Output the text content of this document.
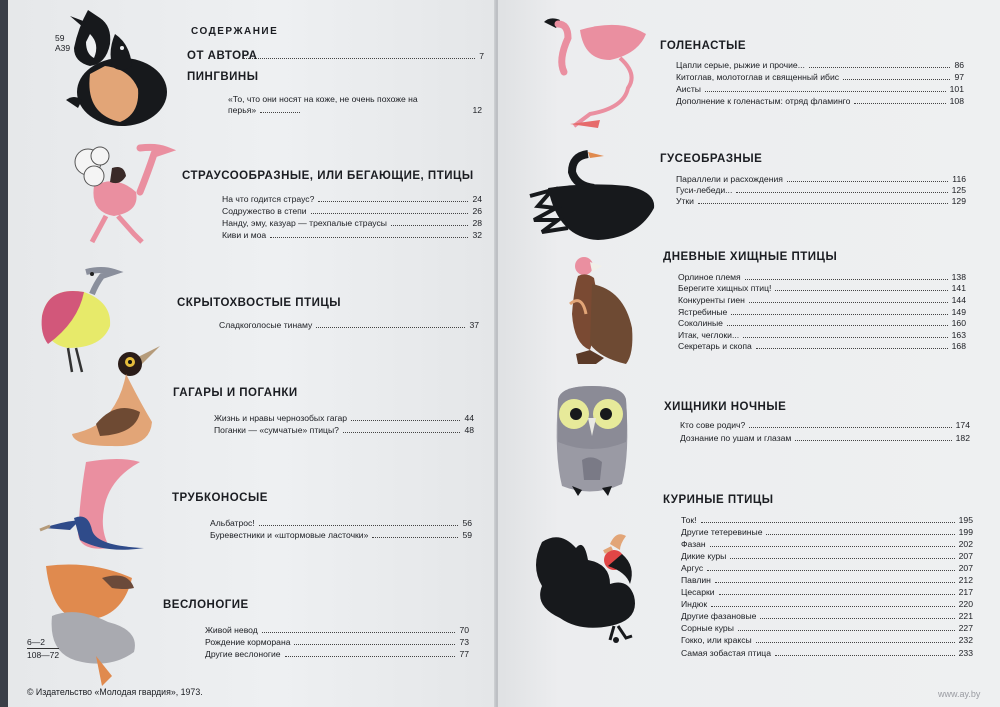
59
А39
СОДЕРЖАНИЕ
ОТ АВТОРА	7
ПИНГВИНЫ
«То, что они носят на коже, не очень похоже на
перья»	12
СТРАУСООБРАЗНЫЕ, ИЛИ БЕГАЮЩИЕ, ПТИЦЫ
На что годится страус?	24
Содружество в степи	26
Нанду, эму, казуар — трехпалые страусы	28
Киви и моа	32
СКРЫТОХВОСТЫЕ ПТИЦЫ
Сладкоголосые тинаму	37
ГАГАРЫ И ПОГАНКИ
Жизнь и нравы чернозобых гагар	44
Поганки — «сумчатые» птицы?	48
ТРУБКОНОСЫЕ
Альбатрос!	56
Буревестники и «штормовые ласточки»	59
ВЕСЛОНОГИЕ
Живой невод	70
Рождение корморана	73
Другие веслоногие	77
6—2
108—72
© Издательство «Молодая гвардия», 1973.
ГОЛЕНАСТЫЕ
Цапли серые, рыжие и прочие...	86
Китоглав, молотоглав и священный ибис	97
Аисты	101
Дополнение к голенастым: отряд фламинго	108
ГУСЕОБРАЗНЫЕ
Параллели и расхождения	116
Гуси-лебеди...	125
Утки	129
ДНЕВНЫЕ ХИЩНЫЕ ПТИЦЫ
Орлиное племя	138
Берегите хищных птиц!	141
Конкуренты гиен	144
Ястребиные	149
Соколиные	160
Итак, чеглоки...	163
Секретарь и скопа	168
ХИЩНИКИ НОЧНЫЕ
Кто сове родич?	174
Дознание по ушам и глазам	182
КУРИНЫЕ ПТИЦЫ
Ток!	195
Другие тетеревиные	199
Фазан	202
Дикие куры	207
Аргус	207
Павлин	212
Цесарки	217
Индюк	220
Другие фазановые	221
Сорные куры	227
Гокко, или краксы	232
Самая зобастая птица	233
www.ay.by
